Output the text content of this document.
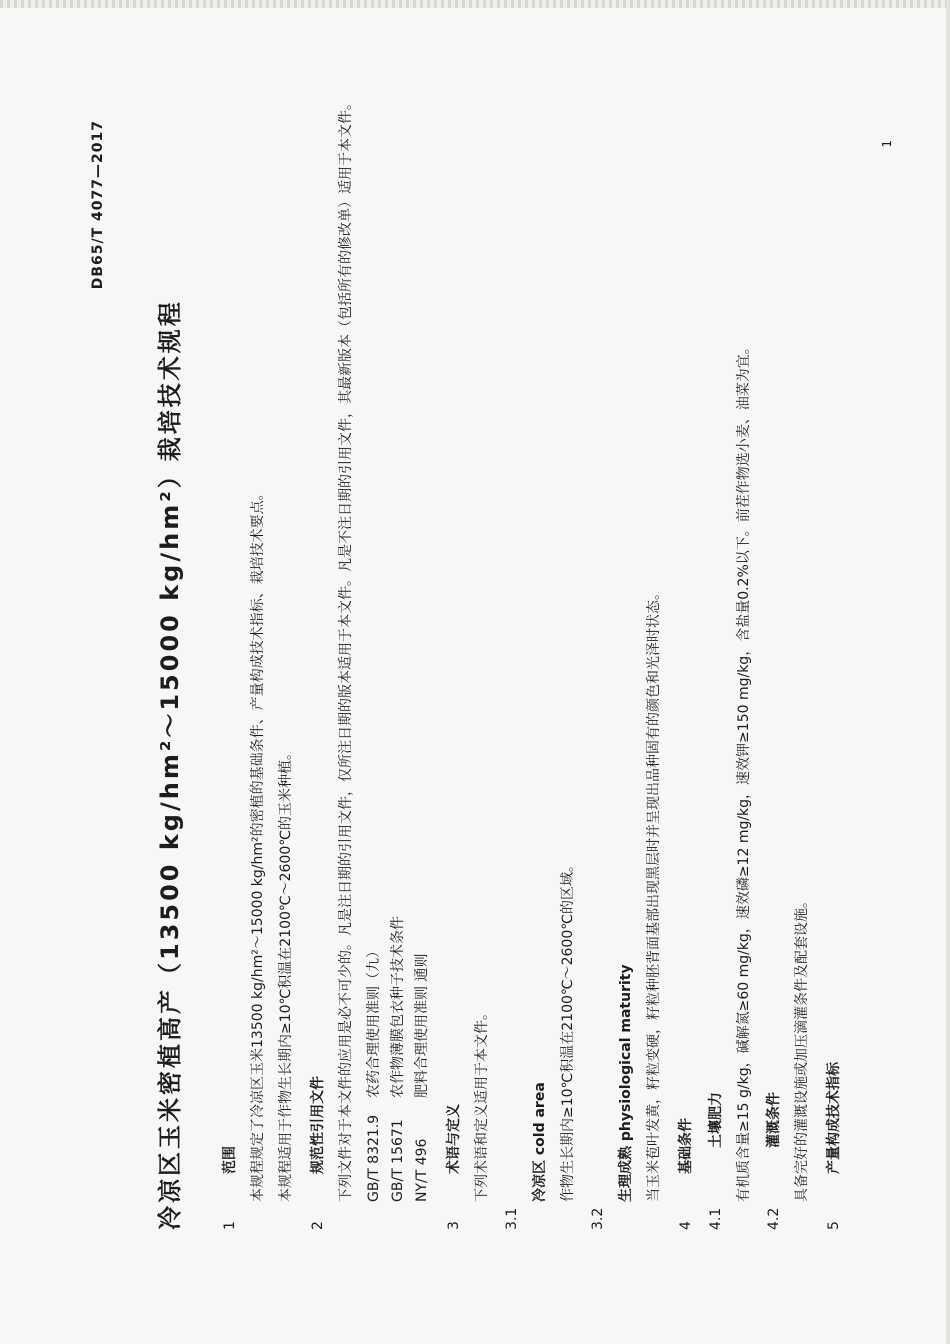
DB65/T 4077—2017
冷凉区玉米密植高产（13500 kg/hm²～15000 kg/hm²）栽培技术规程	1
范围 本规程规定了冷凉区玉米13500 kg/hm²～15000 kg/hm²的密植的基础条件、产量构成技术指标、栽培技术要点。 本规程适用于作物生长期内≥10℃积温在2100℃～2600℃的玉米种植。
2
规范性引用文件 下列文件对于本文件的应用是必不可少的。凡是注日期的引用文件，仅所注日期的版本适用于本文件。凡是不注日期的引用文件，其最新版本（包括所有的修改单）适用于本文件。 GB/T 8321.9
农药合理使用准则（九）
GB/T 15671
农作物薄膜包衣种子技术条件
NY/T 496
肥料合理使用准则 通则
3
术语与定义 下列术语和定义适用于本文件。
3.1
冷凉区 cold area 作物生长期内≥10℃积温在2100℃～2600℃的区域。
3.2
生理成熟 physiological maturity 当玉米苞叶发黄，籽粒变硬，籽粒种胚背面基部出现黑层时并呈现出品种固有的颜色和光泽时状态。
4
基础条件
4.1
土壤肥力 有机质含量≥15 g/kg，碱解氮≥60 mg/kg，速效磷≥12 mg/kg，速效钾≥150 mg/kg，含盐量0.2%以下。前茬作物选小麦、油菜为宜。
4.2
灌溉条件 具备完好的灌溉设施或加压滴灌条件及配套设施。
5
产量构成技术指标
1
